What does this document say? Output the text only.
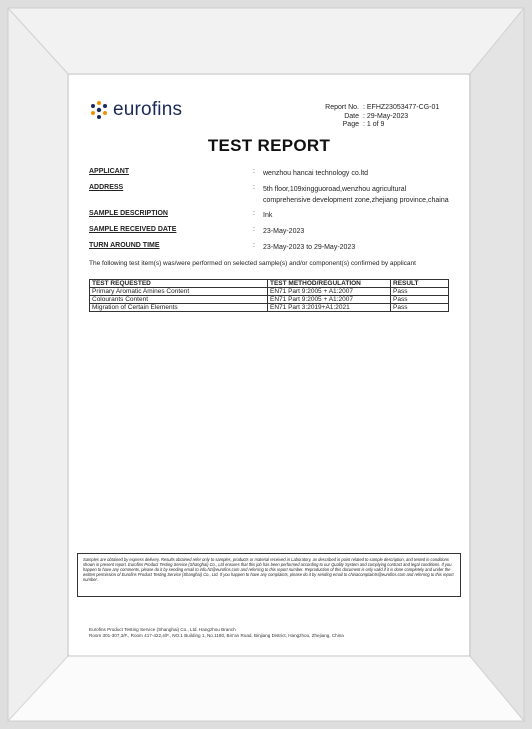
eurofins	Report No. : EFHZ23053477-CG-01
Date : 29-May-2023
Page : 1 of 9
TEST REPORT
APPLICANT	: wenzhou hancai technology co.ltd
ADDRESS	: 5th floor,109xingguoroad,wenzhou agricultural
comprehensive development zone,zhejiang province,chaina
SAMPLE DESCRIPTION	: Ink
SAMPLE RECEIVED DATE	: 23-May-2023
TURN AROUND TIME	: 23-May-2023 to 29-May-2023
The following test item(s) was/were performed on selected sample(s) and/or component(s) confirmed by applicant
TEST REQUESTED	TEST METHOD/REGULATION	RESULT
Primary Aromatic Amines Content	EN71 Part 9:2005 + A1:2007	Pass
Colourants Content	EN71 Part 9:2005 + A1:2007	Pass
Migration of Certain Elements	EN71 Part 3:2019+A1:2021	Pass
Samples are obtained by express delivery. Results obtained refer only to samples, products or material received in Laboratory, as described in point related to sample description, and tested in conditions shown in present report. Eurofins Product Testing Service (Shanghai) Co., Ltd ensures that this job has been performed according to our Quality System and complying contract and legal conditions. If you happen to have any comments, please do it by sending email to info.hz@eurofins.com and referring to this report number. Reproduction of this document is only valid if it is done completely and under the written permission of Eurofins Product Testing Service (Shanghai) Co., Ltd. If you happen to have any complaints, please do it by sending email to chinacomplaints@eurofins.com and referring to this report number.
Eurofins Product Testing Service (Shanghai) Co., Ltd. Hangzhou Branch
Room 301-307,3/F., Room 417-422,4/F., NO.1 Building 1, No.1180, Bin'an Road, Binjiang District, Hangzhou, Zhejiang, China
